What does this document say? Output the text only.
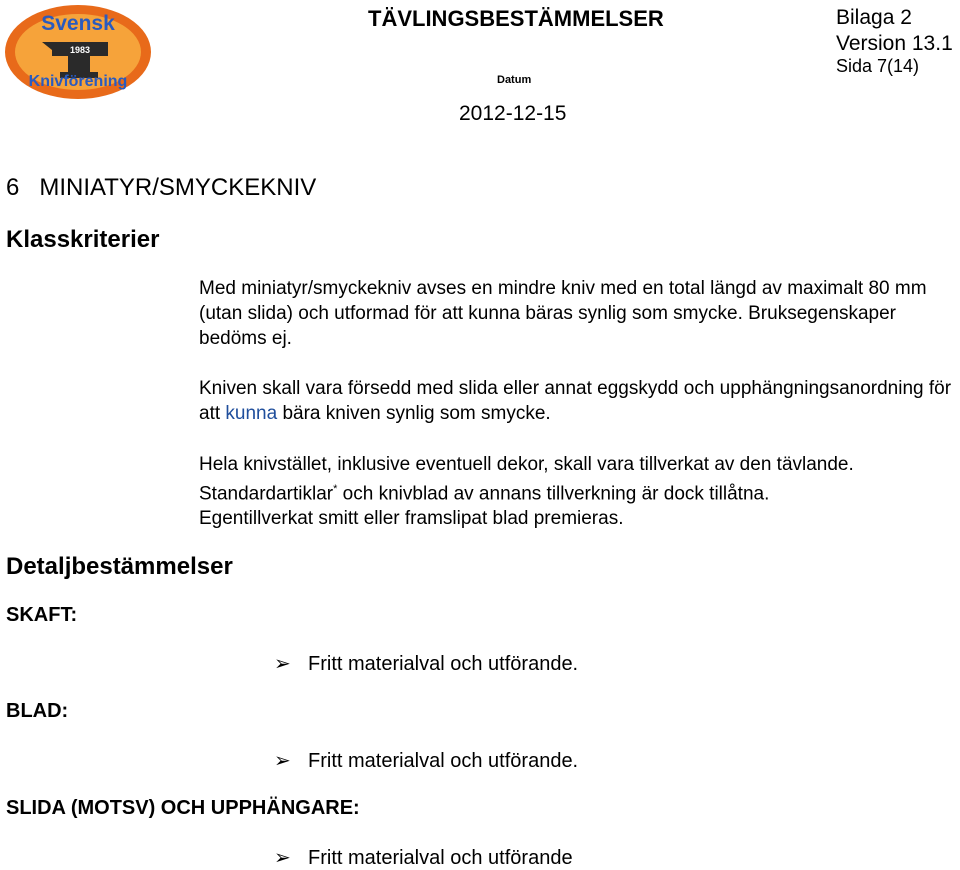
Svensk
1983
Knivförening
TÄVLINGSBESTÄMMELSER	Bilaga 2
Version 13.1
Sida 7(14)
Datum
2012-12-15
6 MINIATYR/SMYCKEKNIV
Klasskriterier
Med miniatyr/smyckekniv avses en mindre kniv med en total längd av maximalt 80 mm (utan slida) och utformad för att kunna bäras synlig som smycke. Bruksegenskaper bedöms ej.
Kniven skall vara försedd med slida eller annat eggskydd och upphängningsanordning för att kunna bära kniven synlig som smycke.
Hela knivstället, inklusive eventuell dekor, skall vara tillverkat av den tävlande.
Standardartiklar* och knivblad av annans tillverkning är dock tillåtna.
Egentillverkat smitt eller framslipat blad premieras.
Detaljbestämmelser
SKAFT:
➢ Fritt materialval och utförande.
BLAD:
➢ Fritt materialval och utförande.
SLIDA (MOTSV) OCH UPPHÄNGARE:
➢ Fritt materialval och utförande
